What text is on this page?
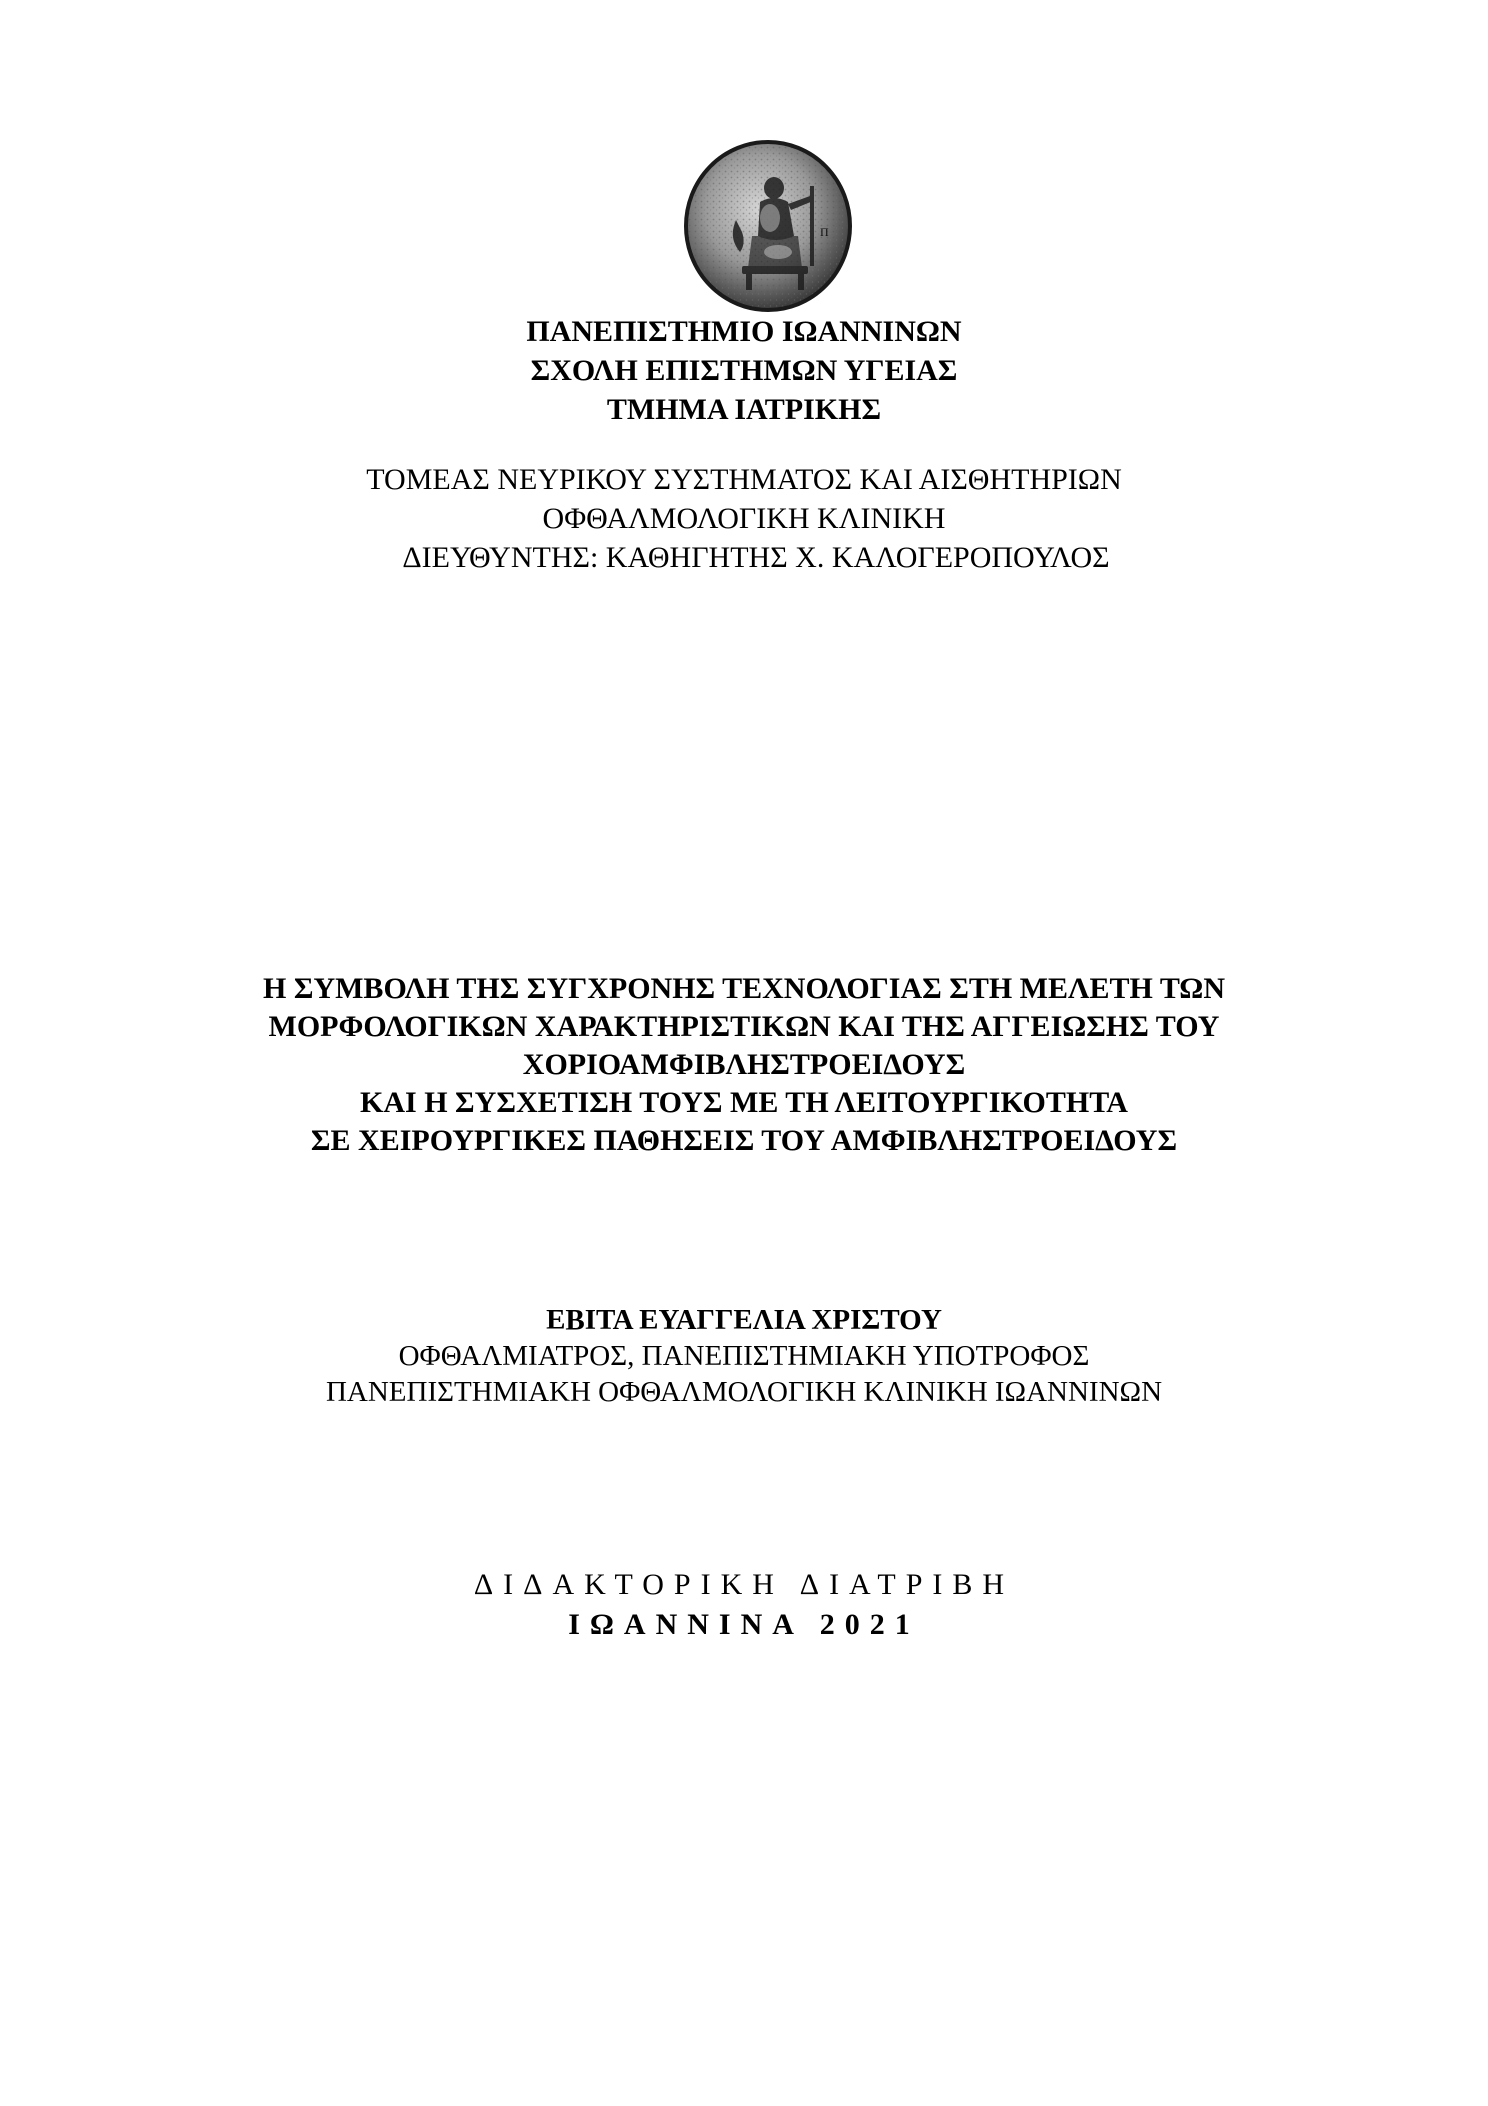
Π
ΠΑΝΕΠΙΣΤΗΜΙΟ ΙΩΑΝΝΙΝΩΝ
ΣΧΟΛΗ ΕΠΙΣΤΗΜΩΝ ΥΓΕΙΑΣ
ΤΜΗΜΑ ΙΑΤΡΙΚΗΣ
ΤΟΜΕΑΣ ΝΕΥΡΙΚΟΥ ΣΥΣΤΗΜΑΤΟΣ ΚΑΙ ΑΙΣΘΗΤΗΡΙΩΝ
ΟΦΘΑΛΜΟΛΟΓΙΚΗ ΚΛΙΝΙΚΗ
ΔΙΕΥΘΥΝΤΗΣ: ΚΑΘΗΓΗΤΗΣ Χ. ΚΑΛΟΓΕΡΟΠΟΥΛΟΣ
Η ΣΥΜΒΟΛΗ ΤΗΣ ΣΥΓΧΡΟΝΗΣ ΤΕΧΝΟΛΟΓΙΑΣ ΣΤΗ ΜΕΛΕΤΗ ΤΩΝ
ΜΟΡΦΟΛΟΓΙΚΩΝ ΧΑΡΑΚΤΗΡΙΣΤΙΚΩΝ ΚΑΙ ΤΗΣ ΑΓΓΕΙΩΣΗΣ ΤΟΥ
ΧΟΡΙΟΑΜΦΙΒΛΗΣΤΡΟΕΙΔΟΥΣ
ΚΑΙ Η ΣΥΣΧΕΤΙΣΗ ΤΟΥΣ ΜΕ ΤΗ ΛΕΙΤΟΥΡΓΙΚΟΤΗΤΑ
ΣΕ ΧΕΙΡΟΥΡΓΙΚΕΣ ΠΑΘΗΣΕΙΣ ΤΟΥ ΑΜΦΙΒΛΗΣΤΡΟΕΙΔΟΥΣ
ΕΒΙΤΑ ΕΥΑΓΓΕΛΙΑ ΧΡΙΣΤΟΥ
ΟΦΘΑΛΜΙΑΤΡΟΣ, ΠΑΝΕΠΙΣΤΗΜΙΑΚΗ ΥΠΟΤΡΟΦΟΣ
ΠΑΝΕΠΙΣΤΗΜΙΑΚΗ ΟΦΘΑΛΜΟΛΟΓΙΚΗ ΚΛΙΝΙΚΗ ΙΩΑΝΝΙΝΩΝ
ΔΙΔΑΚΤΟΡΙΚΗ ΔΙΑΤΡΙΒΗ
ΙΩΑΝΝΙΝΑ 2021
